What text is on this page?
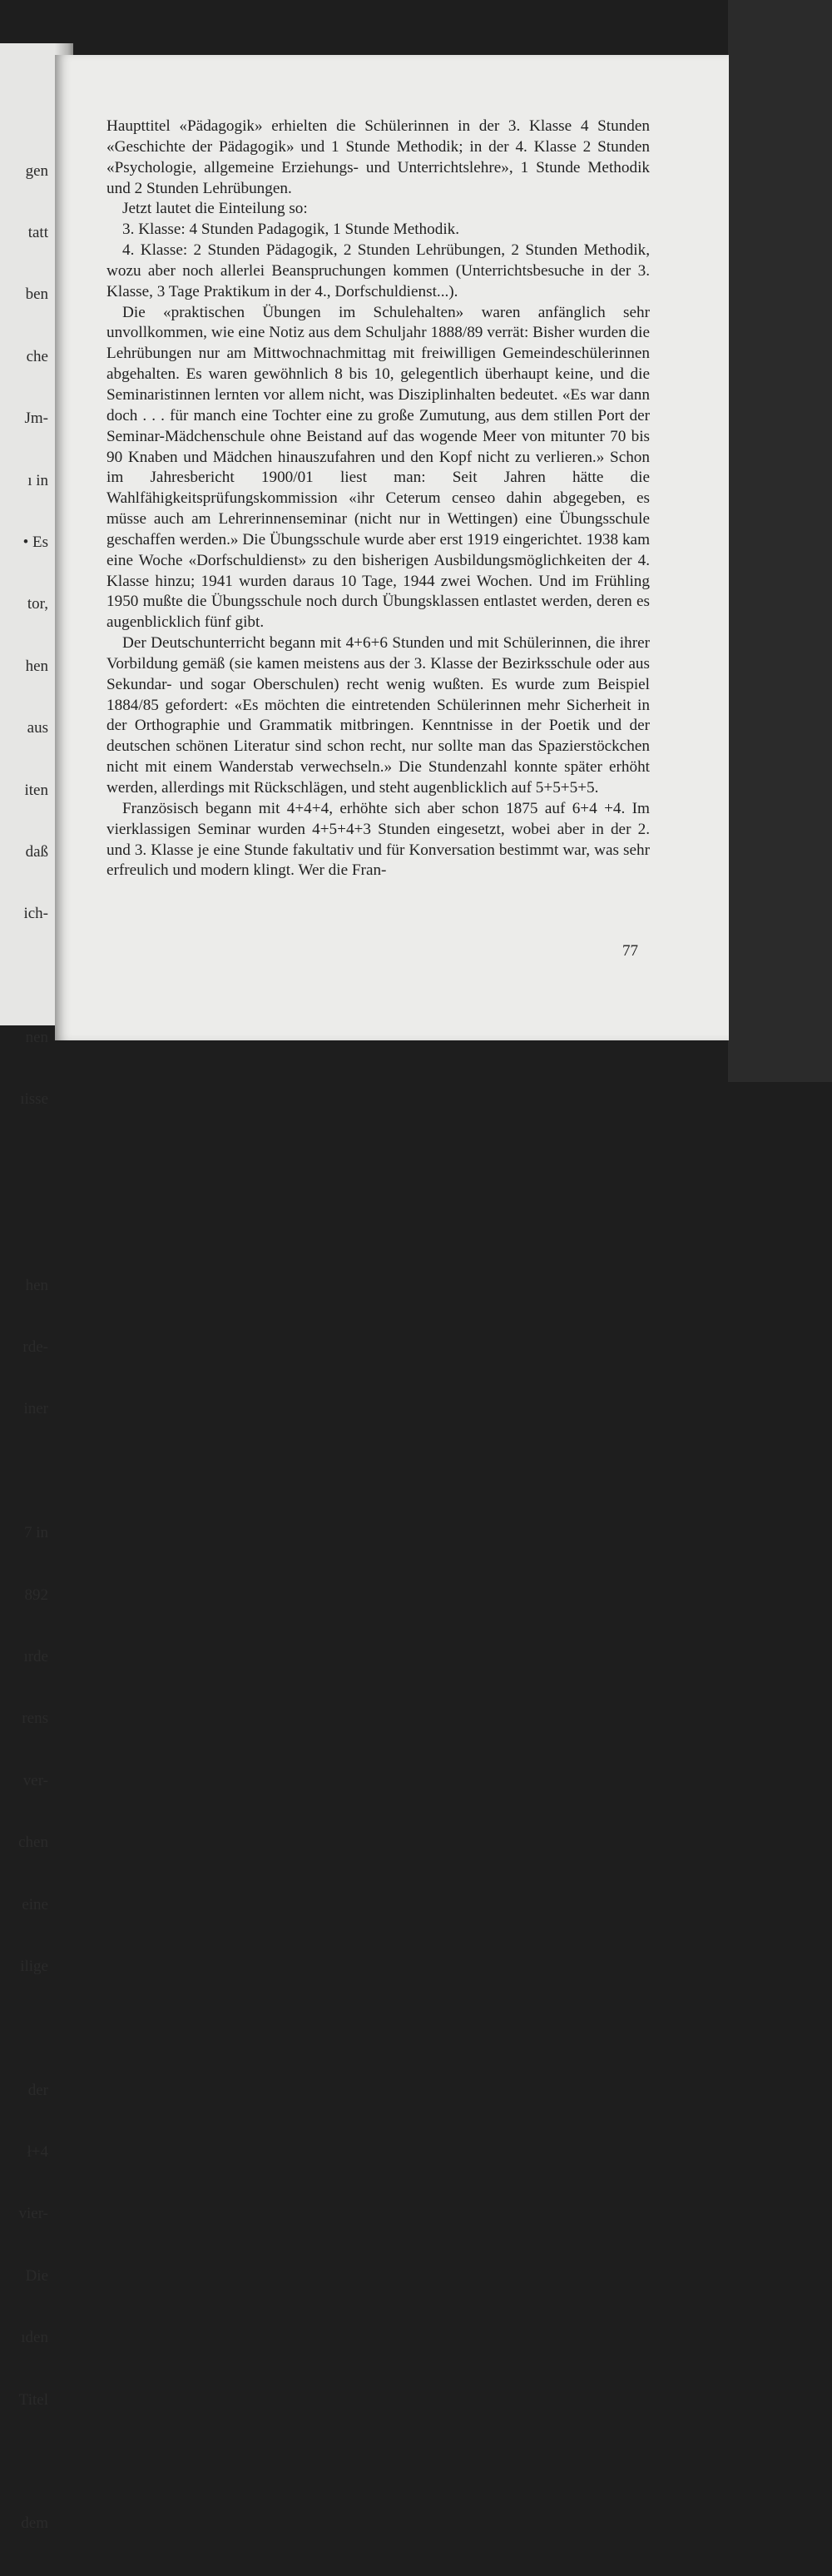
gen

tatt

ben

che

Jm-

ı in

• Es

tor,

hen

aus

iten

daß

ich-

nen

ıisse

hen

rde-

iner

7 in

892

ırde

rens

ver-

chen

eine

ilige

der

ł+4

vier-

Die

ıden

Titel

dem

Haupttitel «Pädagogik» erhielten die Schülerinnen in der 3. Klasse 4 Stunden «Geschichte der Pädagogik» und 1 Stunde Methodik; in der 4. Klasse 2 Stunden «Psychologie, allgemeine Erziehungs- und Unterrichtslehre», 1 Stunde Methodik und 2 Stunden Lehrübungen.

Jetzt lautet die Einteilung so:

3. Klasse: 4 Stunden Padagogik, 1 Stunde Methodik.

4. Klasse: 2 Stunden Pädagogik, 2 Stunden Lehrübungen, 2 Stunden Methodik, wozu aber noch allerlei Beanspruchungen kommen (Unterrichtsbesuche in der 3. Klasse, 3 Tage Praktikum in der 4., Dorfschuldienst...).

Die «praktischen Übungen im Schulehalten» waren anfänglich sehr unvollkommen, wie eine Notiz aus dem Schuljahr 1888/89 verrät: Bisher wurden die Lehrübungen nur am Mittwochnachmittag mit freiwilligen Gemeindeschülerinnen abgehalten. Es waren gewöhnlich 8 bis 10, gelegentlich überhaupt keine, und die Seminaristinnen lernten vor allem nicht, was Disziplinhalten bedeutet. «Es war dann doch . . . für manch eine Tochter eine zu große Zumutung, aus dem stillen Port der Seminar-Mädchenschule ohne Beistand auf das wogende Meer von mitunter 70 bis 90 Knaben und Mädchen hinauszufahren und den Kopf nicht zu verlieren.» Schon im Jahresbericht 1900/01 liest man: Seit Jahren hätte die Wahlfähigkeitsprüfungskommission «ihr Ceterum censeo dahin abgegeben, es müsse auch am Lehrerinnenseminar (nicht nur in Wettingen) eine Übungsschule geschaffen werden.» Die Übungsschule wurde aber erst 1919 eingerichtet. 1938 kam eine Woche «Dorfschuldienst» zu den bisherigen Ausbildungsmöglichkeiten der 4. Klasse hinzu; 1941 wurden daraus 10 Tage, 1944 zwei Wochen. Und im Frühling 1950 mußte die Übungsschule noch durch Übungsklassen entlastet werden, deren es augenblicklich fünf gibt.

Der Deutschunterricht begann mit 4+6+6 Stunden und mit Schülerinnen, die ihrer Vorbildung gemäß (sie kamen meistens aus der 3. Klasse der Bezirksschule oder aus Sekundar- und sogar Oberschulen) recht wenig wußten. Es wurde zum Beispiel 1884/85 gefordert: «Es möchten die eintretenden Schülerinnen mehr Sicherheit in der Orthographie und Grammatik mitbringen. Kenntnisse in der Poetik und der deutschen schönen Literatur sind schon recht, nur sollte man das Spazierstöckchen nicht mit einem Wanderstab verwechseln.» Die Stundenzahl konnte später erhöht werden, allerdings mit Rückschlägen, und steht augenblicklich auf 5+5+5+5.

Französisch begann mit 4+4+4, erhöhte sich aber schon 1875 auf 6+4 +4. Im vierklassigen Seminar wurden 4+5+4+3 Stunden eingesetzt, wobei aber in der 2. und 3. Klasse je eine Stunde fakultativ und für Konversation bestimmt war, was sehr erfreulich und modern klingt. Wer die Fran-

77
